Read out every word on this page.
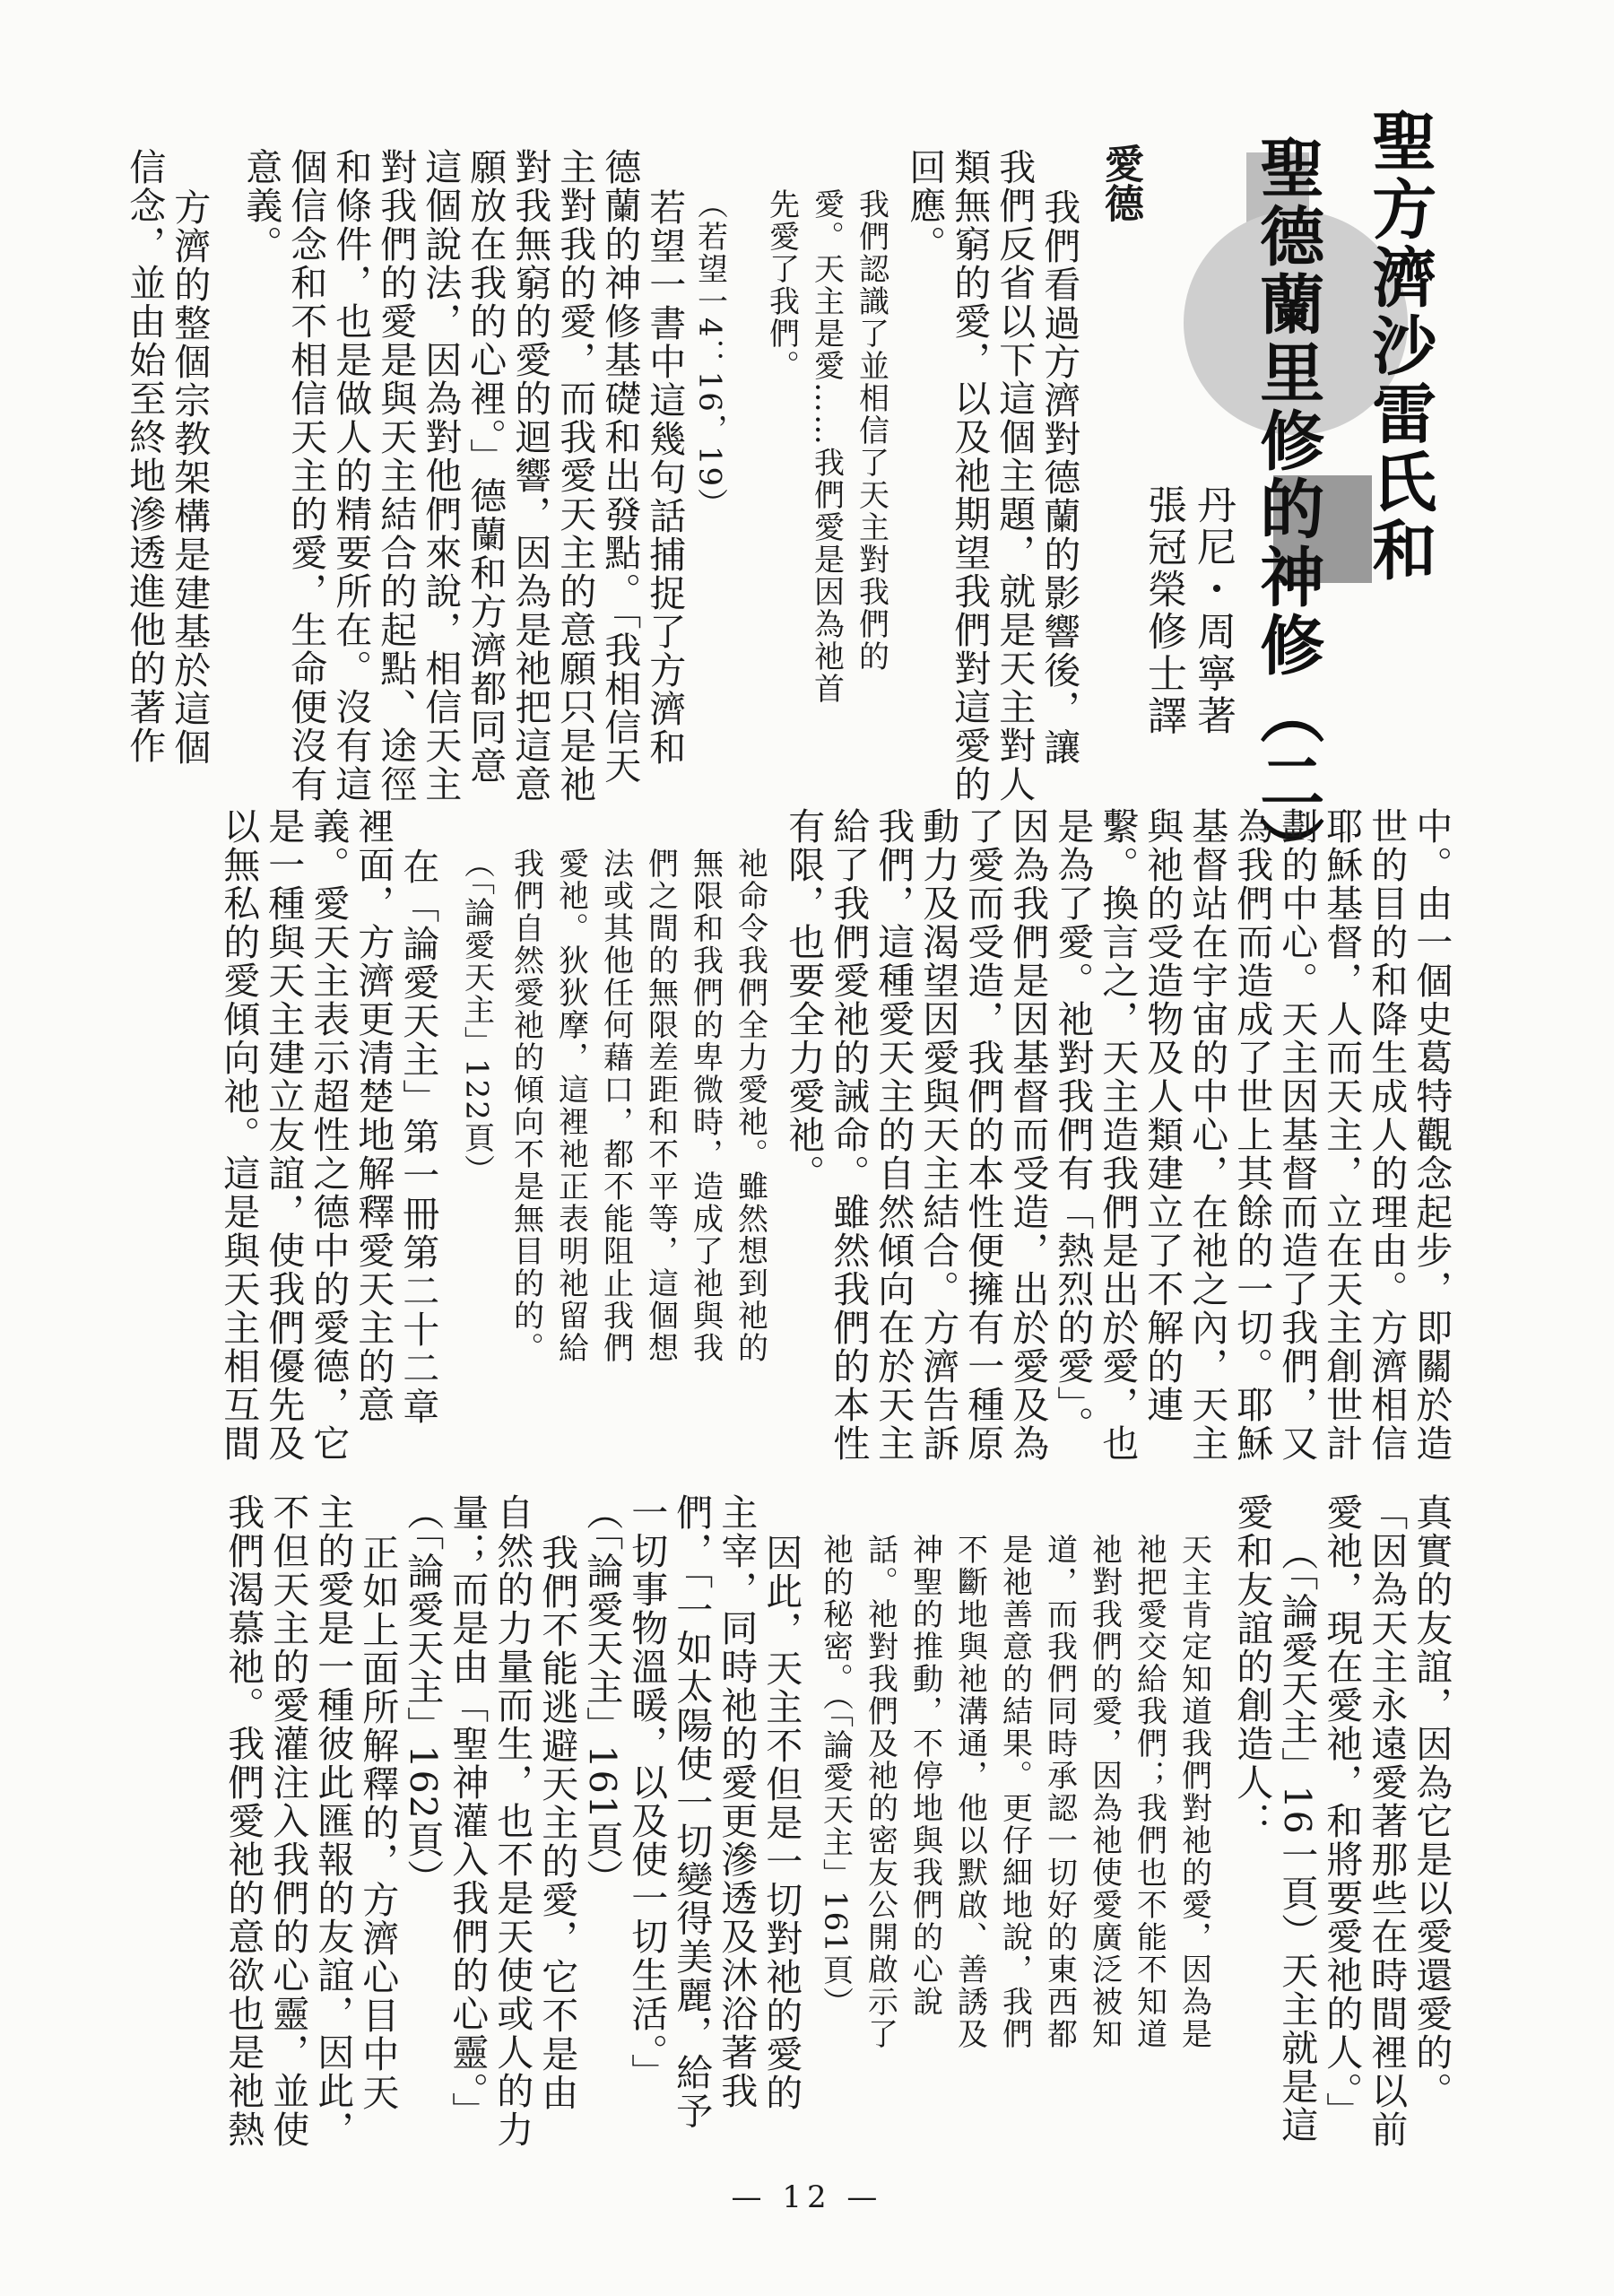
聖方濟沙雷氏和
聖德蘭里修的神修（二）
丹尼・周寧著
張冠榮修士譯
愛德
我們看過方濟對德蘭的影響後，讓
我們反省以下這個主題，就是天主對人
類無窮的愛，以及祂期望我們對這愛的
回應。
我們認識了並相信了天主對我們的
愛。天主是愛……我們愛是因為祂首
先愛了我們。
（若望一4：16，19）
若望一書中這幾句話捕捉了方濟和
德蘭的神修基礎和出發點。「我相信天
主對我的愛，而我愛天主的意願只是祂
對我無窮的愛的迴響，因為是祂把這意
願放在我的心裡。」德蘭和方濟都同意
這個說法，因為對他們來說，相信天主
對我們的愛是與天主結合的起點、途徑
和條件，也是做人的精要所在。沒有這
個信念和不相信天主的愛，生命便沒有
意義。
方濟的整個宗教架構是建基於這個
信念，並由始至終地滲透進他的著作
中。由一個史葛特觀念起步，即關於造
世的目的和降生成人的理由。方濟相信
耶穌基督，人而天主，立在天主創世計
劃的中心。天主因基督而造了我們，又
為我們而造成了世上其餘的一切。耶穌
基督站在宇宙的中心，在祂之內，天主
與祂的受造物及人類建立了不解的連
繫。換言之，天主造我們是出於愛，也
是為了愛。祂對我們有「熱烈的愛」。
因為我們是因基督而受造，出於愛及為
了愛而受造，我們的本性便擁有一種原
動力及渴望因愛與天主結合。方濟告訴
我們，這種愛天主的自然傾向在於天主
給了我們愛祂的誡命。雖然我們的本性
有限，也要全力愛祂。
祂命令我們全力愛祂。雖然想到祂的
無限和我們的卑微時，造成了祂與我
們之間的無限差距和不平等，這個想
法或其他任何藉口，都不能阻止我們
愛祂。狄狄摩，這裡祂正表明祂留給
我們自然愛祂的傾向不是無目的的。
（「論愛天主」122頁）
在「論愛天主」第一冊第二十二章
裡面，方濟更清楚地解釋愛天主的意
義。愛天主表示超性之德中的愛德，它
是一種與天主建立友誼，使我們優先及
以無私的愛傾向祂。這是與天主相互間
真實的友誼，因為它是以愛還愛的。
「因為天主永遠愛著那些在時間裡以前
愛祂，現在愛祂，和將要愛祂的人。」
（「論愛天主」16一頁）天主就是這
愛和友誼的創造人：
天主肯定知道我們對祂的愛，因為是
祂把愛交給我們；我們也不能不知道
祂對我們的愛，因為祂使愛廣泛被知
道，而我們同時承認一切好的東西都
是祂善意的結果。更仔細地說，我們
不斷地與祂溝通，他以默啟、善誘及
神聖的推動，不停地與我們的心說
話。祂對我們及祂的密友公開啟示了
祂的秘密。（「論愛天主」161頁）
因此，天主不但是一切對祂的愛的
主宰，同時祂的愛更滲透及沐浴著我
們，「一如太陽使一切變得美麗，給予
一切事物溫暖，以及使一切生活。」
（「論愛天主」161頁）
我們不能逃避天主的愛，它不是由
自然的力量而生，也不是天使或人的力
量；而是由「聖神灌入我們的心靈。」
（「論愛天主」162頁）
正如上面所解釋的，方濟心目中天
主的愛是一種彼此匯報的友誼，因此，
不但天主的愛灌注入我們的心靈，並使
我們渴慕祂。我們愛祂的意欲也是祂熱
— 12 —
